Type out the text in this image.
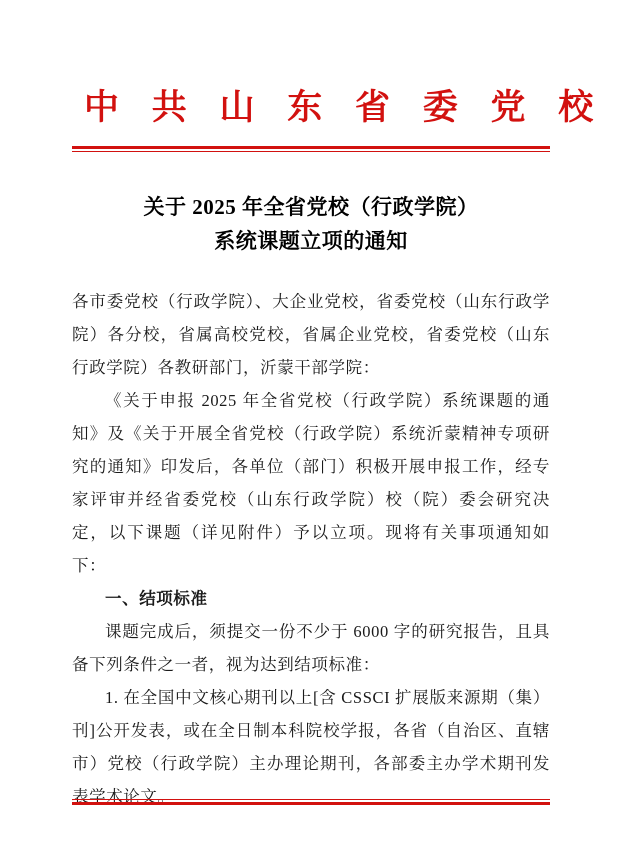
中 共 山 东 省 委 党 校
关于 2025 年全省党校（行政学院）
系统课题立项的通知

各市委党校（行政学院）、大企业党校，省委党校（山东行政学院）各分校，省属高校党校，省属企业党校，省委党校（山东行政学院）各教研部门，沂蒙干部学院：

《关于申报 2025 年全省党校（行政学院）系统课题的通知》及《关于开展全省党校（行政学院）系统沂蒙精神专项研究的通知》印发后，各单位（部门）积极开展申报工作，经专家评审并经省委党校（山东行政学院）校（院）委会研究决定，以下课题（详见附件）予以立项。现将有关事项通知如下：

一、结项标准

课题完成后，须提交一份不少于 6000 字的研究报告，且具备下列条件之一者，视为达到结项标准：

1. 在全国中文核心期刊以上[含 CSSCI 扩展版来源期（集）刊]公开发表，或在全日制本科院校学报，各省（自治区、直辖市）党校（行政学院）主办理论期刊，各部委主办学术期刊发表学术论文。
